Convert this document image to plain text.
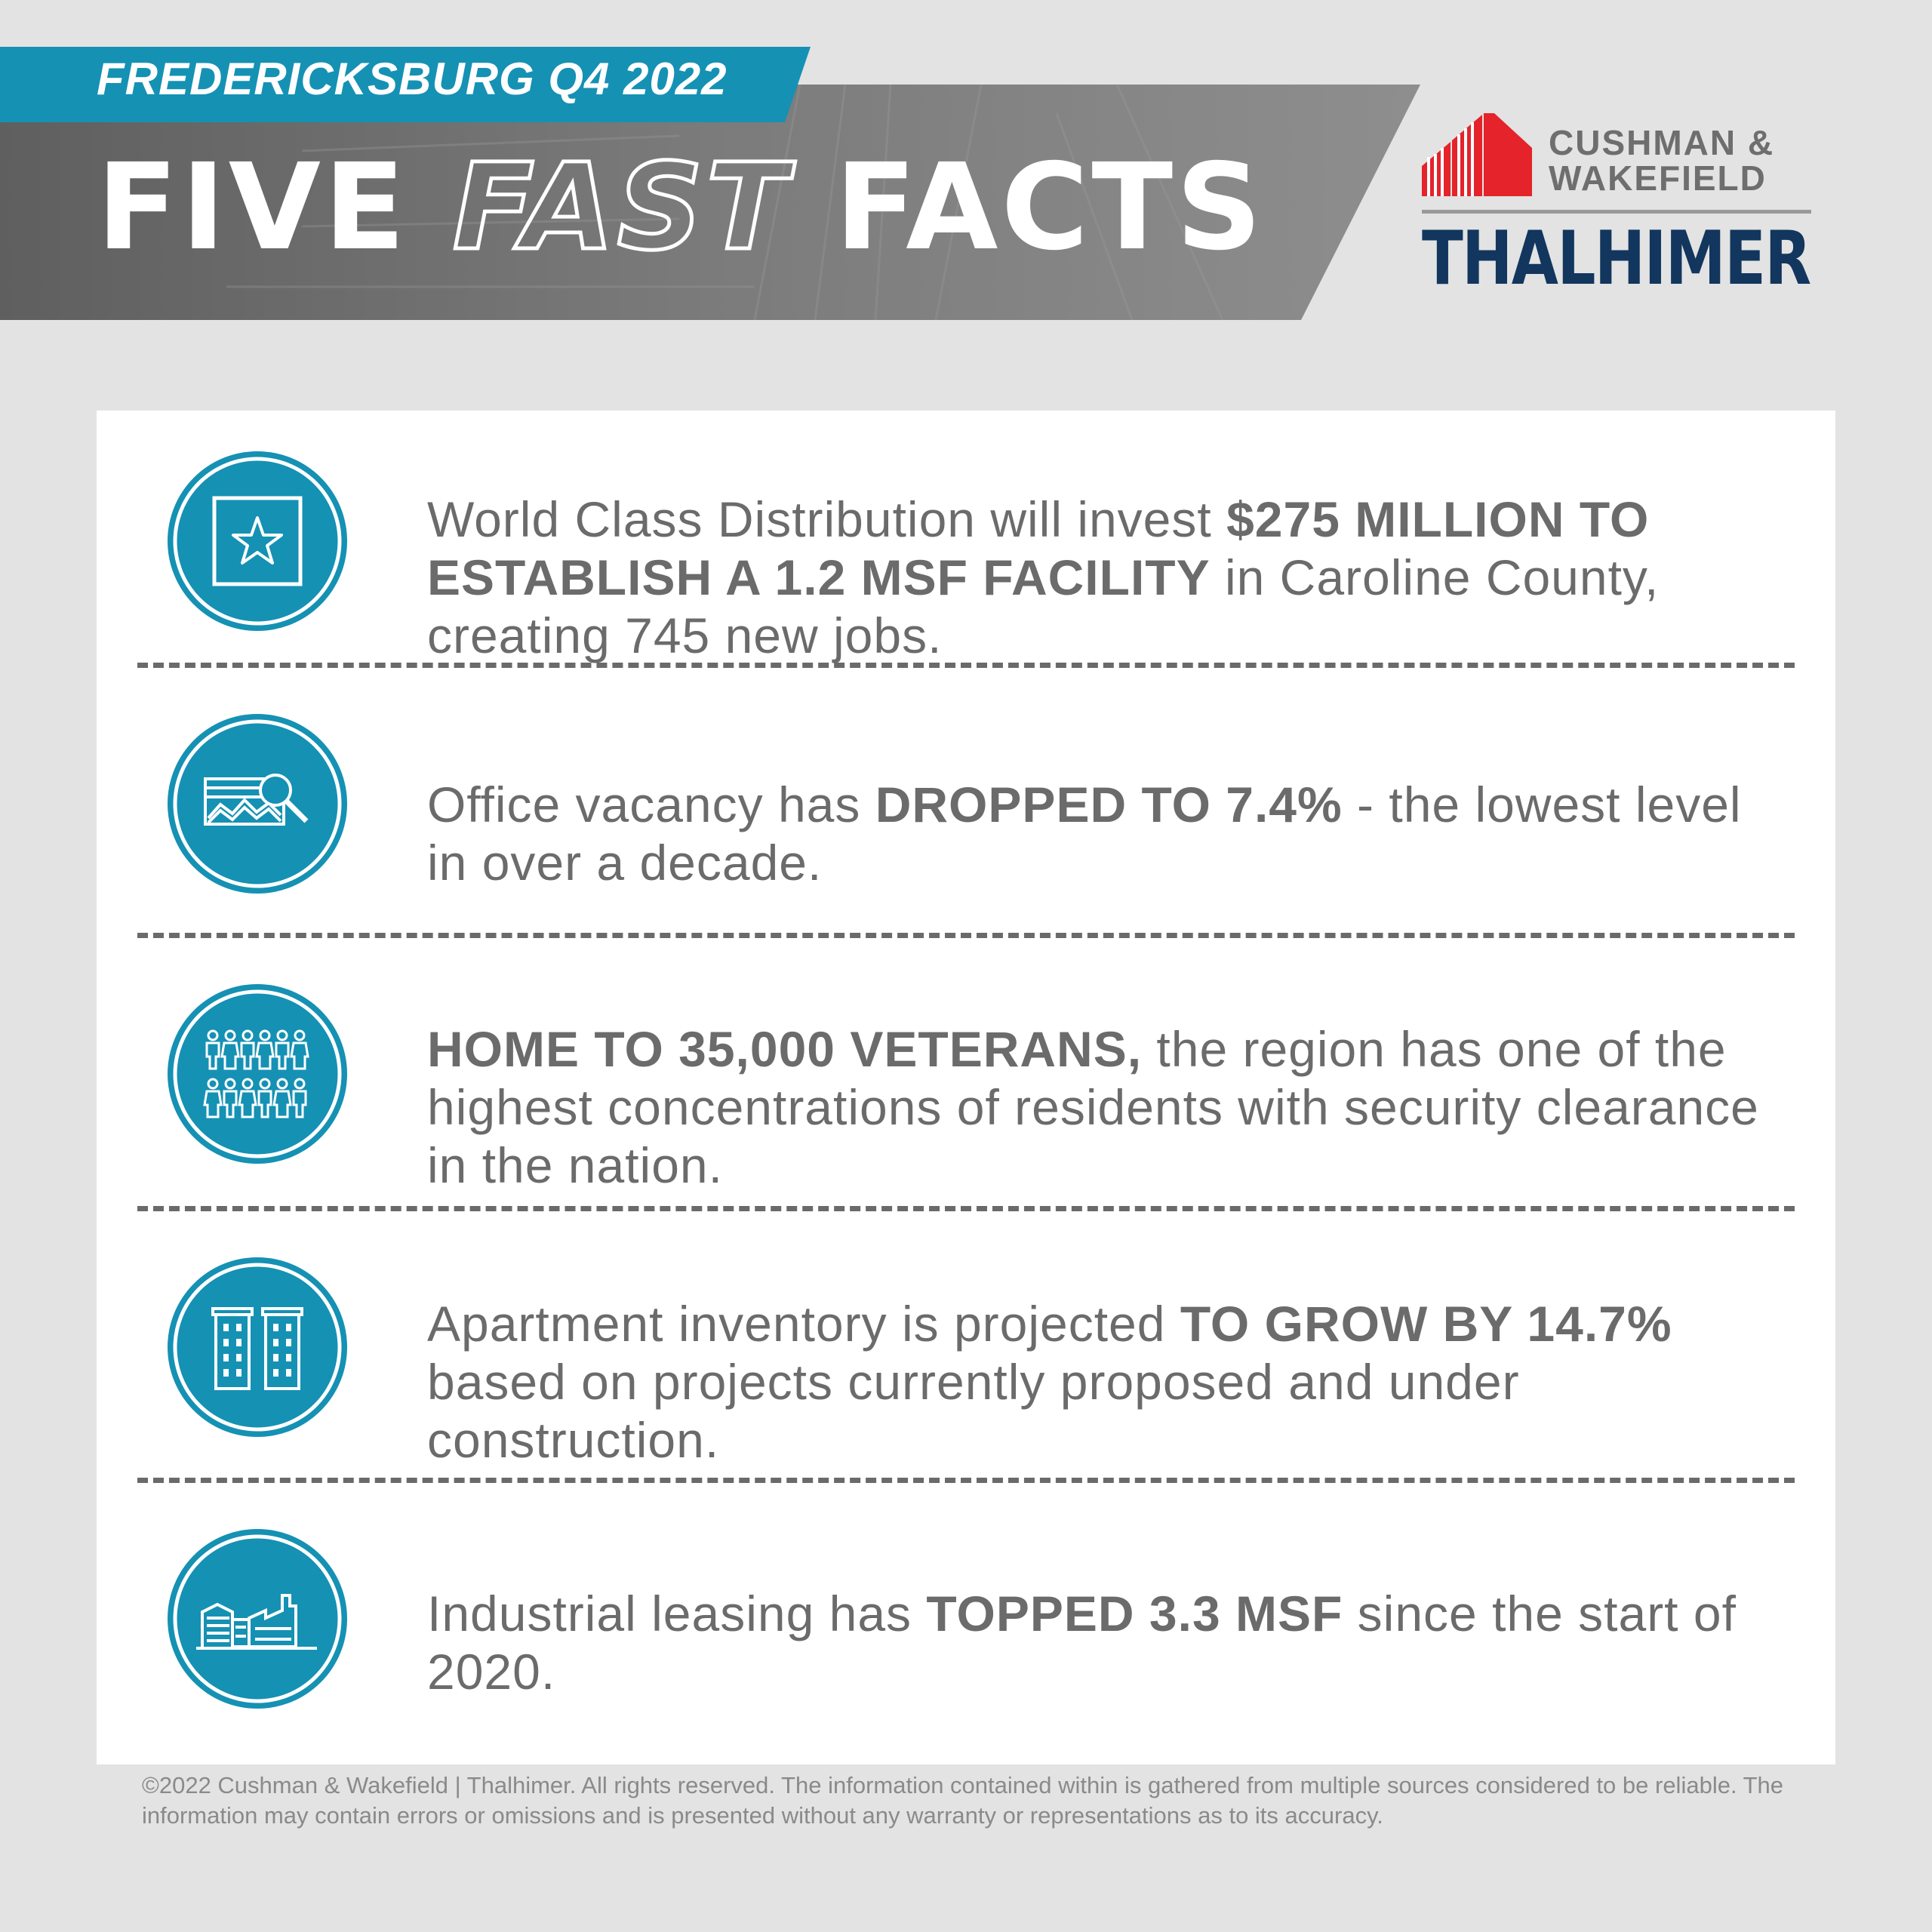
FREDERICKSBURG Q4 2022
FIVE FAST FACTS	CUSHMAN &
WAKEFIELD
THALHIMER
World Class Distribution will invest $275 MILLION TO ESTABLISH A 1.2 MSF FACILITY in Caroline County, creating 745 new jobs.
Office vacancy has DROPPED TO 7.4% - the lowest level in over a decade.
HOME TO 35,000 VETERANS, the region has one of the highest concentrations of residents with security clearance in the nation.
Apartment inventory is projected TO GROW BY 14.7% based on projects currently proposed and under construction.
Industrial leasing has TOPPED 3.3 MSF since the start of 2020.
©2022 Cushman & Wakefield | Thalhimer. All rights reserved. The information contained within is gathered from multiple sources considered to be reliable. The information may contain errors or omissions and is presented without any warranty or representations as to its accuracy.
